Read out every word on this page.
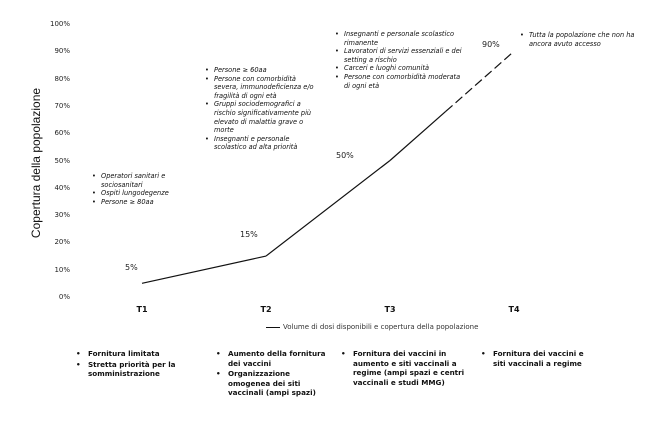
Copertura della popolazione
0%
10%
20%
30%
40%
50%
60%
70%
80%
90%
100%
5%
15%
50%
90%
T1	T2	T3	T4
Volume di dosi disponibili e copertura della popolazione
• Operatori sanitari e sociosanitari
• Ospiti lungodegenze
• Persone ≥ 80aa
• Persone ≥ 60aa
• Persone con comorbidità severa, immunodeficienza e/o fragilità di ogni età
• Gruppi sociodemografici a rischio significativamente più elevato di malattia grave o morte
• Insegnanti e personale scolastico ad alta priorità
• Insegnanti e personale scolastico rimanente
• Lavoratori di servizi essenziali e dei setting a rischio
• Carceri e luoghi comunità
• Persone con comorbidità moderata di ogni età
• Tutta la popolazione che non ha ancora avuto accesso
• Fornitura limitata
• Stretta priorità per la somministrazione
• Aumento della fornitura dei vaccini
• Organizzazione omogenea dei siti vaccinali (ampi spazi)
• Fornitura dei vaccini in aumento e siti vaccinali a regime (ampi spazi e centri vaccinali e studi MMG)
• Fornitura dei vaccini e siti vaccinali a regime
